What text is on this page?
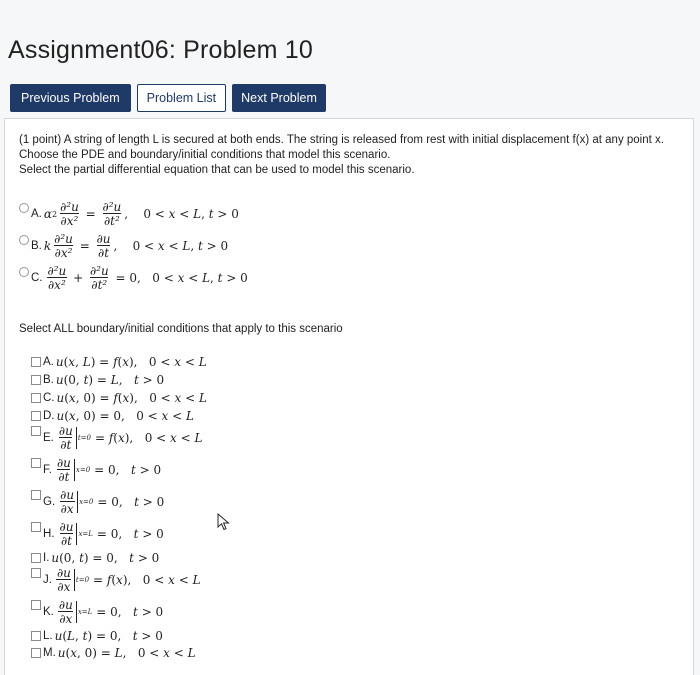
Assignment06: Problem 10
Previous Problem	Problem List	Next Problem
(1 point) A string of length L is secured at both ends. The string is released from rest with initial displacement f(x) at any point x.
Choose the PDE and boundary/initial conditions that model this scenario.
Select the partial differential equation that can be used to model this scenario.
A. α $2 \frac{\text{∂²u}}{\text{∂x²}} = \frac{\text{∂²u}}{\text{∂t²}}$ ,    0 < x < L, t > 0
B. k $\frac{\text{∂²u}}{\text{∂x²}} = \frac{\partial u}{\partial t}$ ,    0 < x < L, t > 0
C. $\frac{\text{∂²u}}{\text{∂x²}} + \frac{\text{∂²u}}{\text{∂t²}} = 0$,   0 < x < L, t > 0
Select ALL boundary/initial conditions that apply to this scenario
A. u(x, L) = f(x),   0 < x < L
B. u(0, t) = L,   t > 0
C. u(x, 0) = f(x),   0 < x < L
D. u(x, 0) = 0,   0 < x < L
E. $\frac{\partial u}{\partial t} t=0 = f(x)$,   0 < x < L
F. $\frac{\partial u}{\partial t} x=0 = 0$,   t > 0
G. $\frac{\partial u}{\partial x} x=0 = 0$,   t > 0
H. $\frac{\partial u}{\partial t} x=L = 0$,   t > 0
I. u(0, t) = 0,   t > 0
J. $\frac{\partial u}{\partial x} t=0 = f(x)$,   0 < x < L
K. $\frac{\partial u}{\partial x} x=L = 0$,   t > 0
L. u(L, t) = 0,   t > 0
M. u(x, 0) = L,   0 < x < L
